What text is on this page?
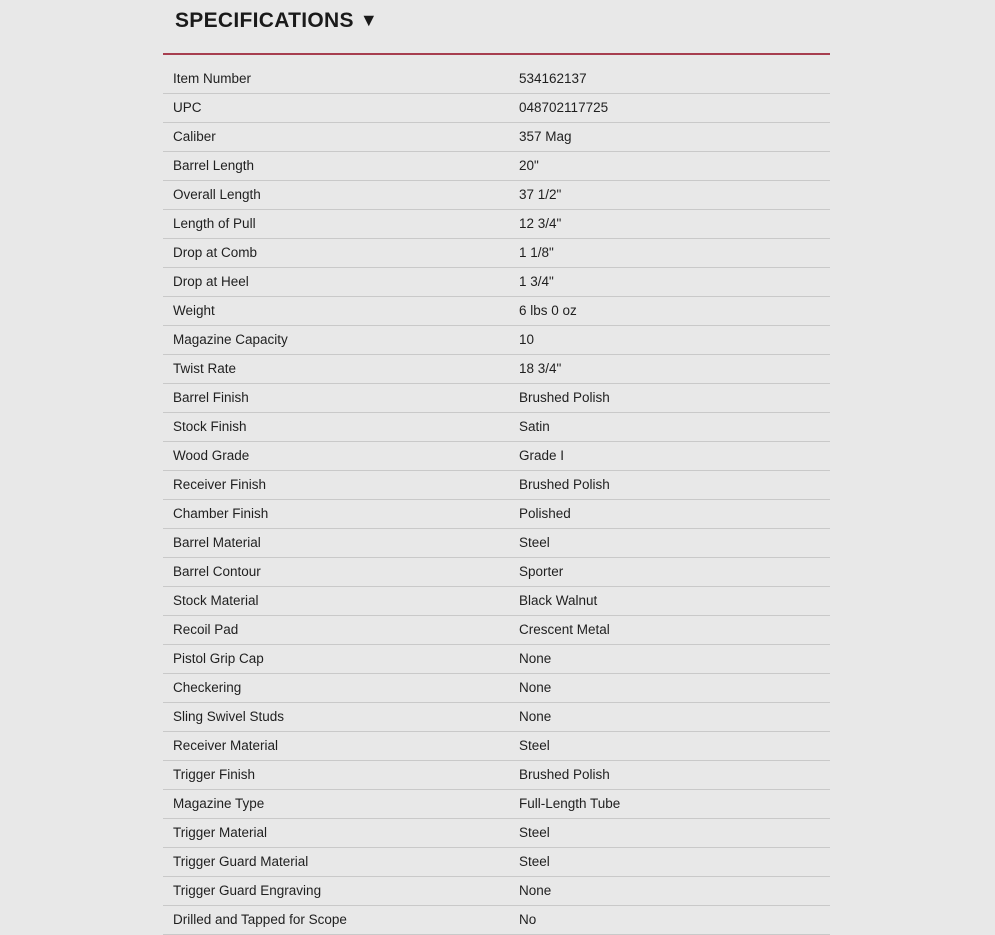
SPECIFICATIONS ▼
Item Number	534162137
UPC	048702117725
Caliber	357 Mag
Barrel Length	20"
Overall Length	37 1/2"
Length of Pull	12 3/4"
Drop at Comb	1 1/8"
Drop at Heel	1 3/4"
Weight	6 lbs 0 oz
Magazine Capacity	10
Twist Rate	18 3/4"
Barrel Finish	Brushed Polish
Stock Finish	Satin
Wood Grade	Grade I
Receiver Finish	Brushed Polish
Chamber Finish	Polished
Barrel Material	Steel
Barrel Contour	Sporter
Stock Material	Black Walnut
Recoil Pad	Crescent Metal
Pistol Grip Cap	None
Checkering	None
Sling Swivel Studs	None
Receiver Material	Steel
Trigger Finish	Brushed Polish
Magazine Type	Full-Length Tube
Trigger Material	Steel
Trigger Guard Material	Steel
Trigger Guard Engraving	None
Drilled and Tapped for Scope	No
